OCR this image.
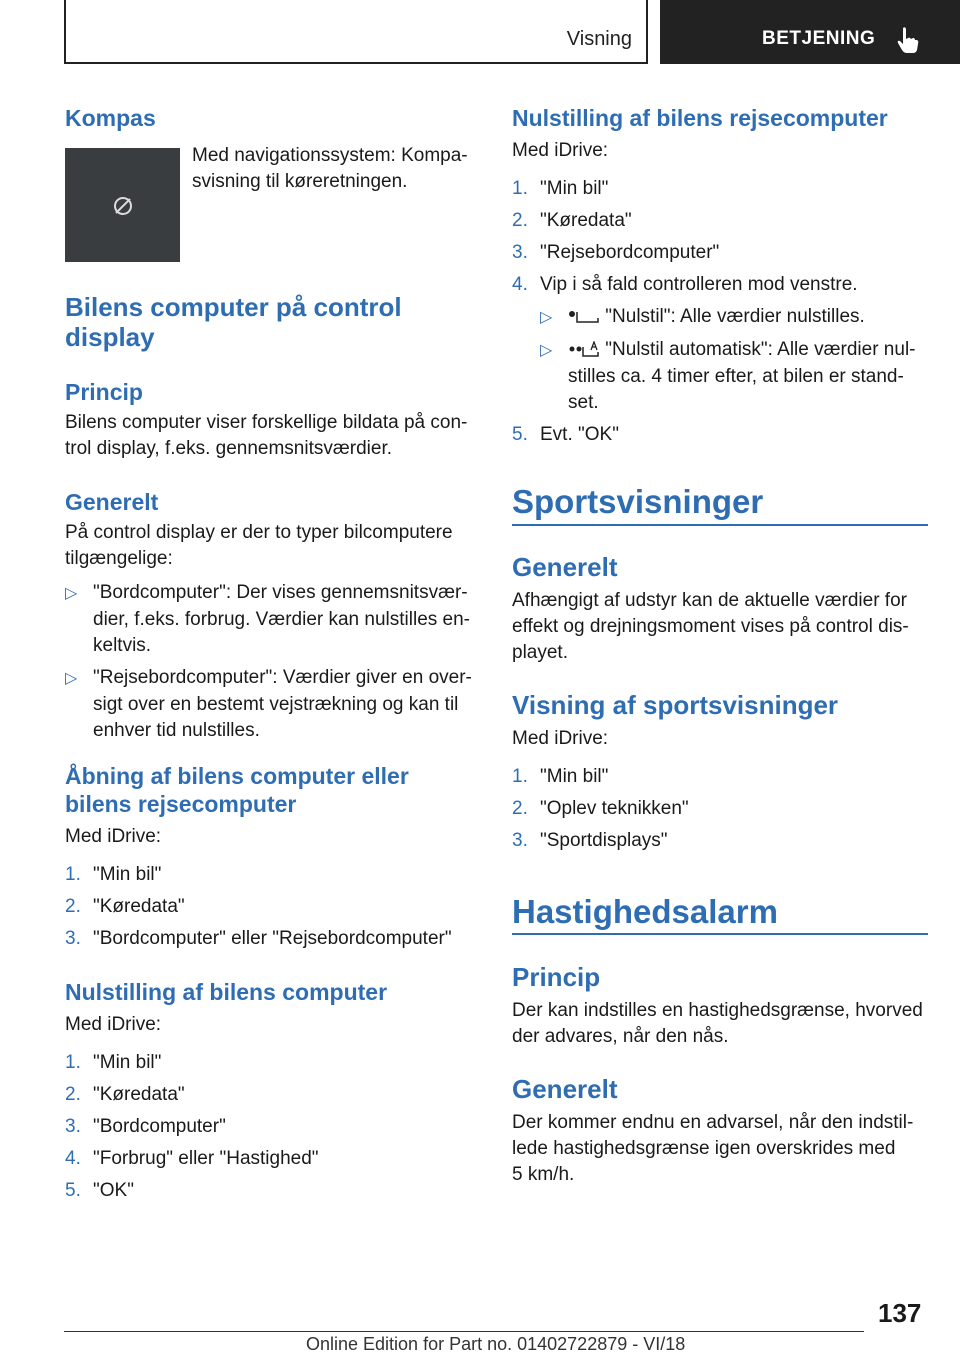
Visning	BETJENING

Kompas

Med navigationssystem: Kompa-

svisning til køreretningen.

Bilens computer på control

display

Princip

Bilens computer viser forskellige bildata på con-

trol display, f.eks. gennemsnitsværdier.

Generelt

På control display er der to typer bilcomputere

tilgængelige:

▷ "Bordcomputer": Der vises gennemsnitsvær-

dier, f.eks. forbrug. Værdier kan nulstilles en-

keltvis.

▷ "Rejsebordcomputer": Værdier giver en over-

sigt over en bestemt vejstrækning og kan til

enhver tid nulstilles.

Åbning af bilens computer eller

bilens rejsecomputer

Med iDrive:

1. "Min bil"

2. "Køredata"

3. "Bordcomputer" eller "Rejsebordcomputer"

Nulstilling af bilens computer

Med iDrive:

1. "Min bil"

2. "Køredata"

3. "Bordcomputer"

4. "Forbrug" eller "Hastighed"

5. "OK"

Nulstilling af bilens rejsecomputer

Med iDrive:

1. "Min bil"

2. "Køredata"

3. "Rejsebordcomputer"

4. Vip i så fald controlleren mod venstre.

▷	"Nulstil": Alle værdier nulstilles.

▷	"Nulstil automatisk": Alle værdier nul-

stilles ca. 4 timer efter, at bilen er stand-

set.

5. Evt. "OK"

Sportsvisninger

Generelt

Afhængigt af udstyr kan de aktuelle værdier for

effekt og drejningsmoment vises på control dis-

playet.

Visning af sportsvisninger

Med iDrive:

1. "Min bil"

2. "Oplev teknikken"

3. "Sportdisplays"

Hastighedsalarm

Princip

Der kan indstilles en hastighedsgrænse, hvorved

der advares, når den nås.

Generelt

Der kommer endnu en advarsel, når den indstil-

lede hastighedsgrænse igen overskrides med

5 km/h.

137
Online Edition for Part no. 01402722879 - VI/18
